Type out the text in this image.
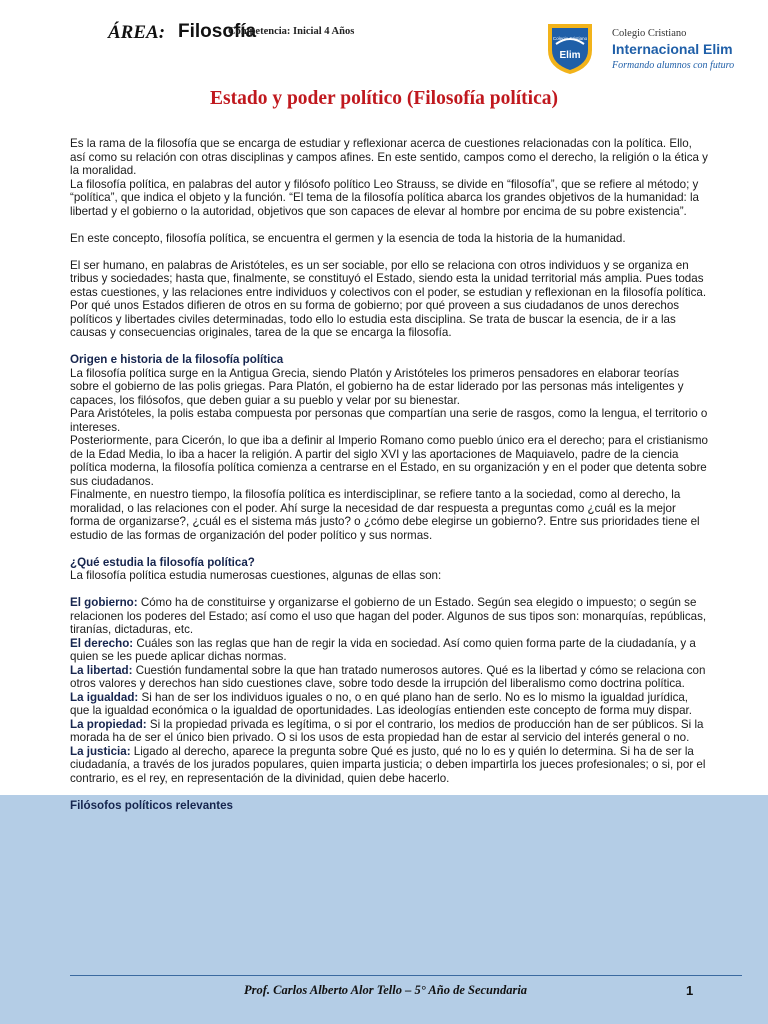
ÁREA: Filosofía
Competencia: Inicial 4 Años
Colegio Cristiano
Elim
Colegio Cristiano
Internacional Elim
Formando alumnos con futuro
Estado y poder político (Filosofía política)

Es la rama de la filosofía que se encarga de estudiar y reflexionar acerca de cuestiones relacionadas con la política. Ello, así como su relación con otras disciplinas y campos afines. En este sentido, campos como el derecho, la religión o la ética y la moralidad.

La filosofía política, en palabras del autor y filósofo político Leo Strauss, se divide en “filosofía”, que se refiere al método; y “política”, que indica el objeto y la función. “El tema de la filosofía política abarca los grandes objetivos de la humanidad: la libertad y el gobierno o la autoridad, objetivos que son capaces de elevar al hombre por encima de su pobre existencia”.

En este concepto, filosofía política, se encuentra el germen y la esencia de toda la historia de la humanidad.

El ser humano, en palabras de Aristóteles, es un ser sociable, por ello se relaciona con otros individuos y se organiza en tribus y sociedades; hasta que, finalmente, se constituyó el Estado, siendo esta la unidad territorial más amplia. Pues todas estas cuestiones, y las relaciones entre individuos y colectivos con el poder, se estudian y reflexionan en la filosofía política. Por qué unos Estados difieren de otros en su forma de gobierno; por qué proveen a sus ciudadanos de unos derechos políticos y libertades civiles determinadas, todo ello lo estudia esta disciplina. Se trata de buscar la esencia, de ir a las causas y consecuencias originales, tarea de la que se encarga la filosofía.

Origen e historia de la filosofía política

La filosofía política surge en la Antigua Grecia, siendo Platón y Aristóteles los primeros pensadores en elaborar teorías sobre el gobierno de las polis griegas. Para Platón, el gobierno ha de estar liderado por las personas más inteligentes y capaces, los filósofos, que deben guiar a su pueblo y velar por su bienestar.

Para Aristóteles, la polis estaba compuesta por personas que compartían una serie de rasgos, como la lengua, el territorio o intereses.

Posteriormente, para Cicerón, lo que iba a definir al Imperio Romano como pueblo único era el derecho; para el cristianismo de la Edad Media, lo iba a hacer la religión. A partir del siglo XVI y las aportaciones de Maquiavelo, padre de la ciencia política moderna, la filosofía política comienza a centrarse en el Estado, en su organización y en el poder que detenta sobre sus ciudadanos.

Finalmente, en nuestro tiempo, la filosofía política es interdisciplinar, se refiere tanto a la sociedad, como al derecho, la moralidad, o las relaciones con el poder. Ahí surge la necesidad de dar respuesta a preguntas como ¿cuál es la mejor forma de organizarse?, ¿cuál es el sistema más justo? o ¿cómo debe elegirse un gobierno?. Entre sus prioridades tiene el estudio de las formas de organización del poder político y sus normas.

¿Qué estudia la filosofía política?

La filosofía política estudia numerosas cuestiones, algunas de ellas son:

El gobierno: Cómo ha de constituirse y organizarse el gobierno de un Estado. Según sea elegido o impuesto; o según se relacionen los poderes del Estado; así como el uso que hagan del poder. Algunos de sus tipos son: monarquías, repúblicas, tiranías, dictaduras, etc.

El derecho: Cuáles son las reglas que han de regir la vida en sociedad. Así como quien forma parte de la ciudadanía, y a quien se les puede aplicar dichas normas.

La libertad: Cuestión fundamental sobre la que han tratado numerosos autores. Qué es la libertad y cómo se relaciona con otros valores y derechos han sido cuestiones clave, sobre todo desde la irrupción del liberalismo como doctrina política.

La igualdad: Si han de ser los individuos iguales o no, o en qué plano han de serlo. No es lo mismo la igualdad jurídica, que la igualdad económica o la igualdad de oportunidades. Las ideologías entienden este concepto de forma muy dispar.

La propiedad: Si la propiedad privada es legítima, o si por el contrario, los medios de producción han de ser públicos. Si la morada ha de ser el único bien privado. O si los usos de esta propiedad han de estar al servicio del interés general o no.

La justicia: Ligado al derecho, aparece la pregunta sobre Qué es justo, qué no lo es y quién lo determina. Si ha de ser la ciudadanía, a través de los jurados populares, quien imparta justicia; o deben impartirla los jueces profesionales; o si, por el contrario, es el rey, en representación de la divinidad, quien debe hacerlo.

Filósofos políticos relevantes

Prof. Carlos Alberto Alor Tello – 5° Año de Secundaria	1
